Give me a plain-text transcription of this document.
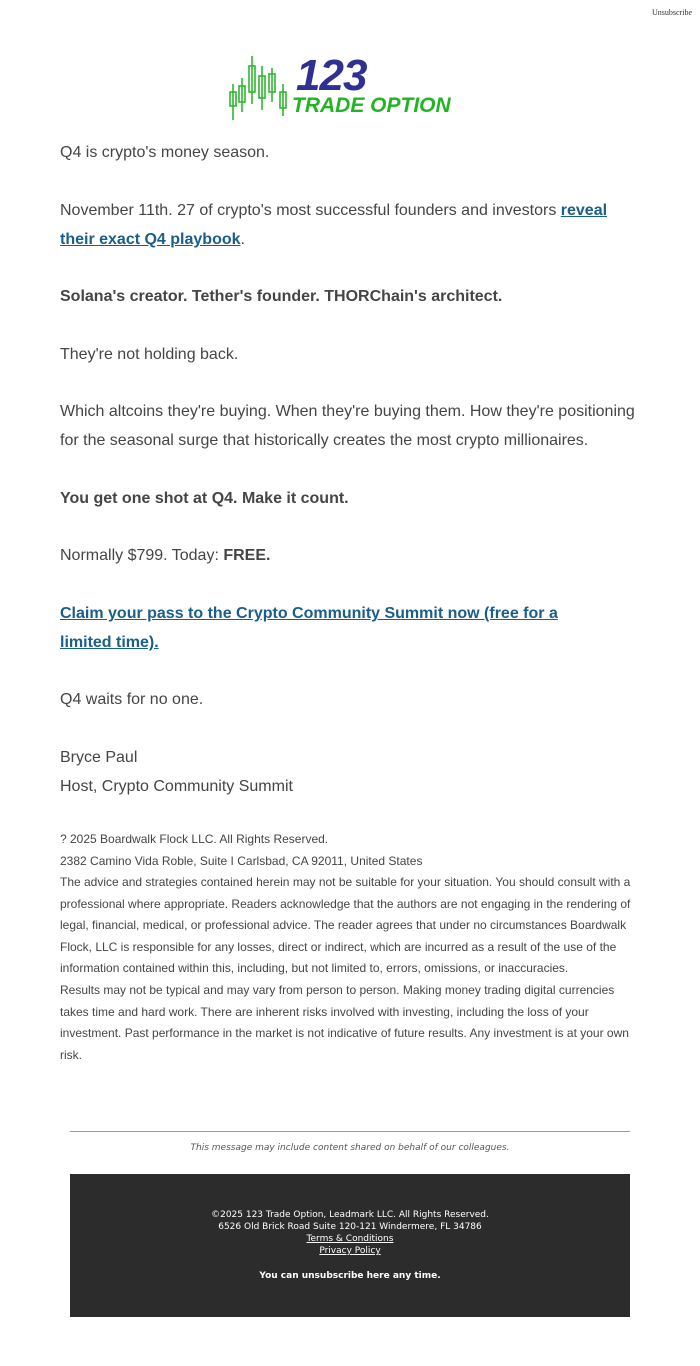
Unsubscribe
123
TRADE OPTION

Q4 is crypto's money season.

November 11th. 27 of crypto's most successful founders and investors reveal their exact Q4 playbook.

Solana's creator. Tether's founder. THORChain's architect.

They're not holding back.

Which altcoins they're buying. When they're buying them. How they're positioning for the seasonal surge that historically creates the most crypto millionaires.

You get one shot at Q4. Make it count.

Normally $799. Today: FREE.

Claim your pass to the Crypto Community Summit now (free for a limited time).

Q4 waits for no one.

Bryce Paul

Host, Crypto Community Summit

? 2025 Boardwalk Flock LLC. All Rights Reserved.

2382 Camino Vida Roble, Suite I Carlsbad, CA 92011, United States

The advice and strategies contained herein may not be suitable for your situation. You should consult with a professional where appropriate. Readers acknowledge that the authors are not engaging in the rendering of legal, financial, medical, or professional advice. The reader agrees that under no circumstances Boardwalk Flock, LLC is responsible for any losses, direct or indirect, which are incurred as a result of the use of the information contained within this, including, but not limited to, errors, omissions, or inaccuracies.

Results may not be typical and may vary from person to person. Making money trading digital currencies takes time and hard work. There are inherent risks involved with investing, including the loss of your investment. Past performance in the market is not indicative of future results. Any investment is at your own risk.

This message may include content shared on behalf of our colleagues.
©2025 123 Trade Option, Leadmark LLC. All Rights Reserved.
6526 Old Brick Road Suite 120-121 Windermere, FL 34786
Terms & Conditions
Privacy Policy
You can unsubscribe here any time.
